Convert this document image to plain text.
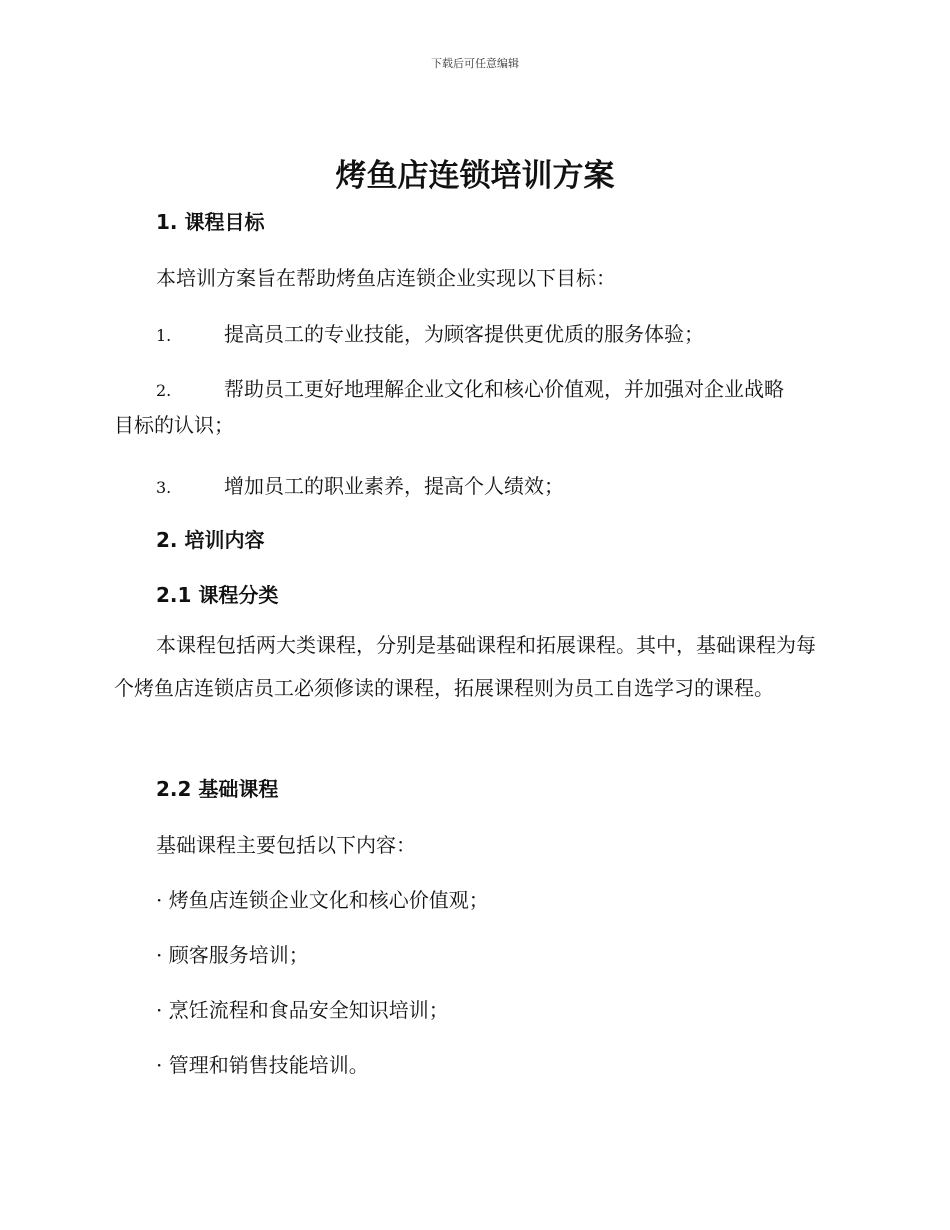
下载后可任意编辑
烤鱼店连锁培训方案
1. 课程目标
本培训方案旨在帮助烤鱼店连锁企业实现以下目标：
1.	提高员工的专业技能，为顾客提供更优质的服务体验；
2.	帮助员工更好地理解企业文化和核心价值观，并加强对企业战略
目标的认识；
3.	增加员工的职业素养，提高个人绩效；
2. 培训内容
2.1 课程分类
本课程包括两大类课程，分别是基础课程和拓展课程。其中，基础课程为每个烤鱼店连锁店员工必须修读的课程，拓展课程则为员工自选学习的课程。
2.2 基础课程
基础课程主要包括以下内容：
· 烤鱼店连锁企业文化和核心价值观；
· 顾客服务培训；
· 烹饪流程和食品安全知识培训；
· 管理和销售技能培训。
